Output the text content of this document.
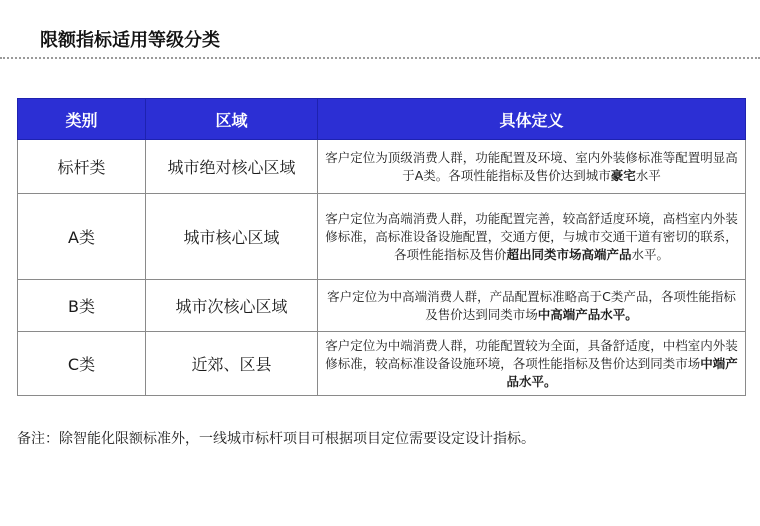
限额指标适用等级分类
类别	区域	具体定义
标杆类	城市绝对核心区域	客户定位为顶级消费人群，功能配置及环境、室内外装修标准等配置明显高于A类。各项性能指标及售价达到城市豪宅水平
A类	城市核心区域	客户定位为高端消费人群，功能配置完善，较高舒适度环境，高档室内外装修标准，高标准设备设施配置，交通方便，与城市交通干道有密切的联系，各项性能指标及售价超出同类市场高端产品水平。
B类	城市次核心区域	客户定位为中高端消费人群，产品配置标准略高于C类产品，各项性能指标及售价达到同类市场中高端产品水平。
C类	近郊、区县	客户定位为中端消费人群，功能配置较为全面，具备舒适度，中档室内外装修标准，较高标准设备设施环境，各项性能指标及售价达到同类市场中端产品水平。
备注：除智能化限额标准外，一线城市标杆项目可根据项目定位需要设定设计指标。
